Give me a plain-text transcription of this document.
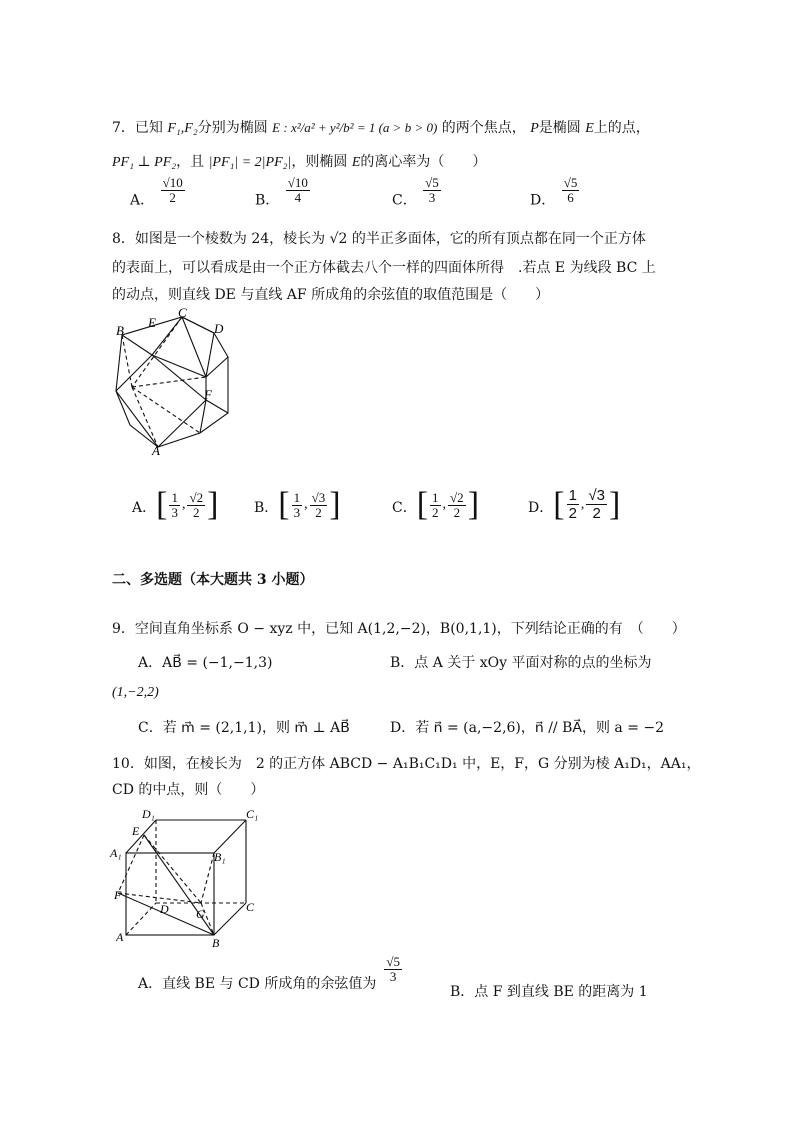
7．已知 F₁,F₂分别为椭圆 E : x²/a² + y²/b² = 1 (a > b > 0) 的两个焦点， P是椭圆 E上的点，
PF₁ ⊥ PF₂，且 |PF₁| = 2|PF₂|，则椭圆 E的离心率为（　　）
A． $\frac{√10}{2}$	B． $\frac{√10}{4}$	C． $\frac{√5}{3}$	D． $\frac{√5}{6}$
8．如图是一个棱数为 24，棱长为 √2 的半正多面体，它的所有顶点都在同一个正方体
的表面上，可以看成是由一个正方体截去八个一样的四面体所得　.若点 E 为线段 BC 上
的动点，则直线 DE 与直线 AF 所成角的余弦值的取值范围是（　　）
B
E
C
D
F
A
A． [ $\frac{1}{3}$ , $\frac{√2}{2}$ ]	B． [ $\frac{1}{3}$ , $\frac{√3}{2}$ ]	C． [ $\frac{1}{2}$ , $\frac{√2}{2}$ ]	D． [ $\frac{1}{2}$ , $\frac{√3}{2}$ ]
二、多选题（本大题共 3 小题）
9．空间直角坐标系 O − xyz 中，已知 A(1,2,−2)，B(0,1,1)，下列结论正确的有　（　　）
A．AB⃗ = (−1,−1,3)	B．点 A 关于 xOy 平面对称的点的坐标为
(1,−2,2)
C．若 m⃗ = (2,1,1)，则 m⃗ ⊥ AB⃗	D．若 n⃗ = (a,−2,6)，n⃗ // BA⃗，则 a = −2
10．如图，在棱长为　2 的正方体 ABCD − A₁B₁C₁D₁ 中，E，F，G 分别为棱 A₁D₁，AA₁，
CD 的中点，则（　　）
D₁	C₁
E
A₁	B₁
F
D G	C
A	B
A．直线 BE 与 CD 所成角的余弦值为 $\frac{√5}{3}$
B．点 F 到直线 BE 的距离为 1
